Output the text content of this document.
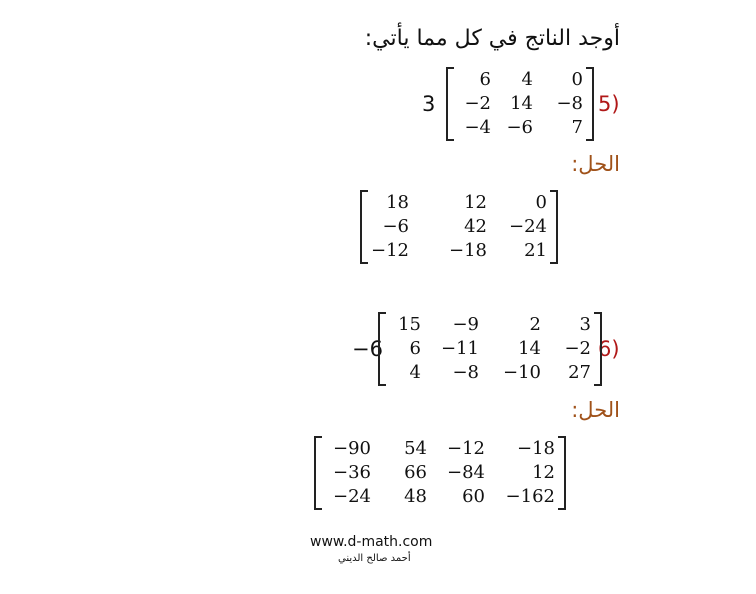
أوجد الناتج في كل مما يأتي:
5)
3
6	4	0
−2	14	−8
−4 −6	7
الحل:
18	12	0
−6	42	−24
−12	−18	21
6)
−6
15	−9	2	3
6	−11	14	−2
4	−8	−10	27
الحل:
−90	54	−12	−18
−36	66	−84	12
−24	48	60	−162
www.d-math.com
أحمد صالح الديني
